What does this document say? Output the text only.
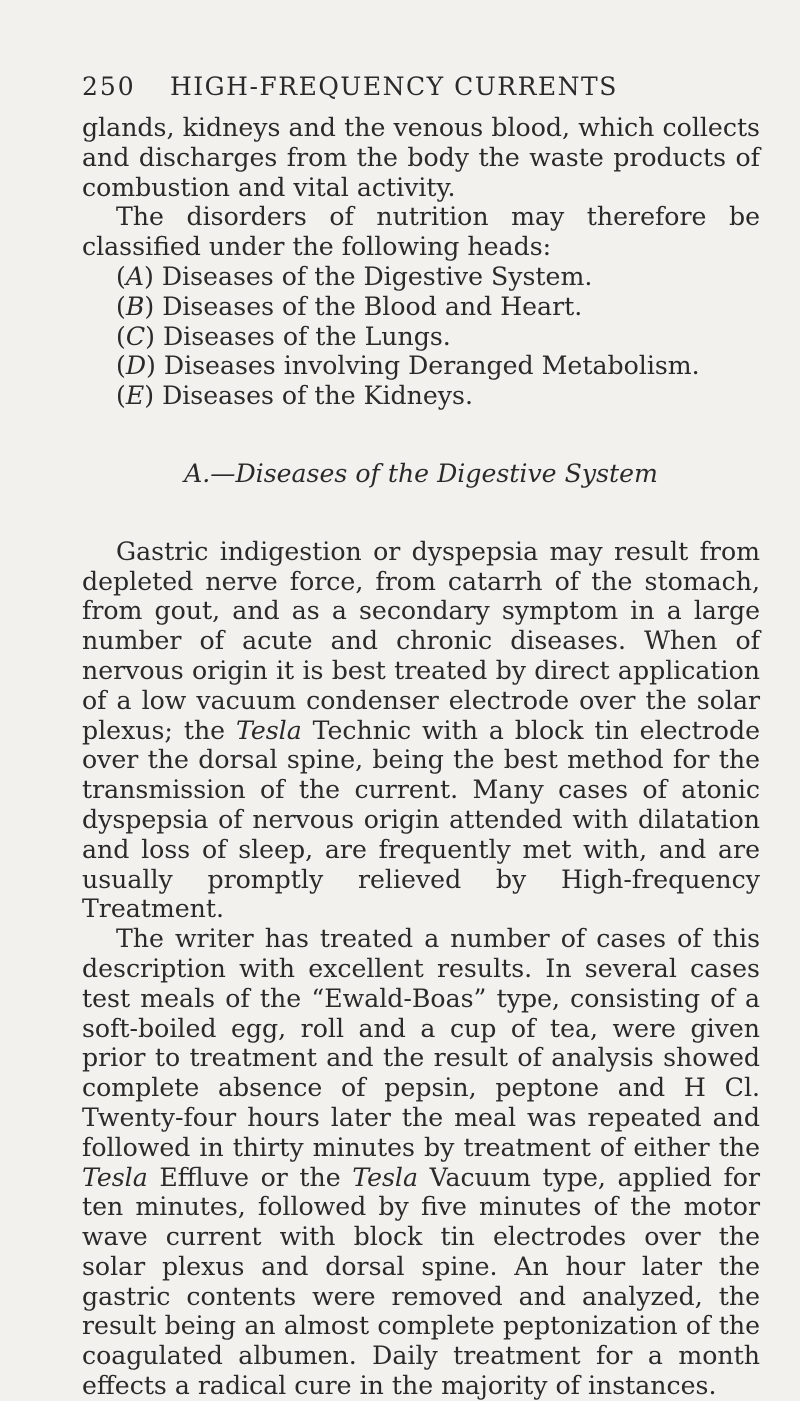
250	HIGH-FREQUENCY CURRENTS

glands, kidneys and the venous blood, which collects and discharges from the body the waste products of combustion and vital activity.

The disorders of nutrition may therefore be classified under the following heads:

(A) Diseases of the Digestive System.
(B) Diseases of the Blood and Heart.
(C) Diseases of the Lungs.
(D) Diseases involving Deranged Metabolism.
(E) Diseases of the Kidneys.

A.—Diseases of the Digestive System

Gastric indigestion or dyspepsia may result from depleted nerve force, from catarrh of the stomach, from gout, and as a secondary symptom in a large number of acute and chronic diseases. When of nervous origin it is best treated by direct application of a low vacuum condenser electrode over the solar plexus; the Tesla Technic with a block tin electrode over the dorsal spine, being the best method for the transmission of the current. Many cases of atonic dyspepsia of nervous origin attended with dilatation and loss of sleep, are frequently met with, and are usually promptly relieved by High-frequency Treatment.

The writer has treated a number of cases of this description with excellent results. In several cases test meals of the “Ewald-Boas” type, consisting of a soft-boiled egg, roll and a cup of tea, were given prior to treatment and the result of analysis showed complete absence of pepsin, peptone and H Cl. Twenty-four hours later the meal was repeated and followed in thirty minutes by treatment of either the Tesla Effluve or the Tesla Vacuum type, applied for ten minutes, followed by five minutes of the motor wave current with block tin electrodes over the solar plexus and dorsal spine. An hour later the gastric contents were removed and analyzed, the result being an almost complete peptonization of the coagulated albumen. Daily treatment for a month effects a radical cure in the majority of instances.
